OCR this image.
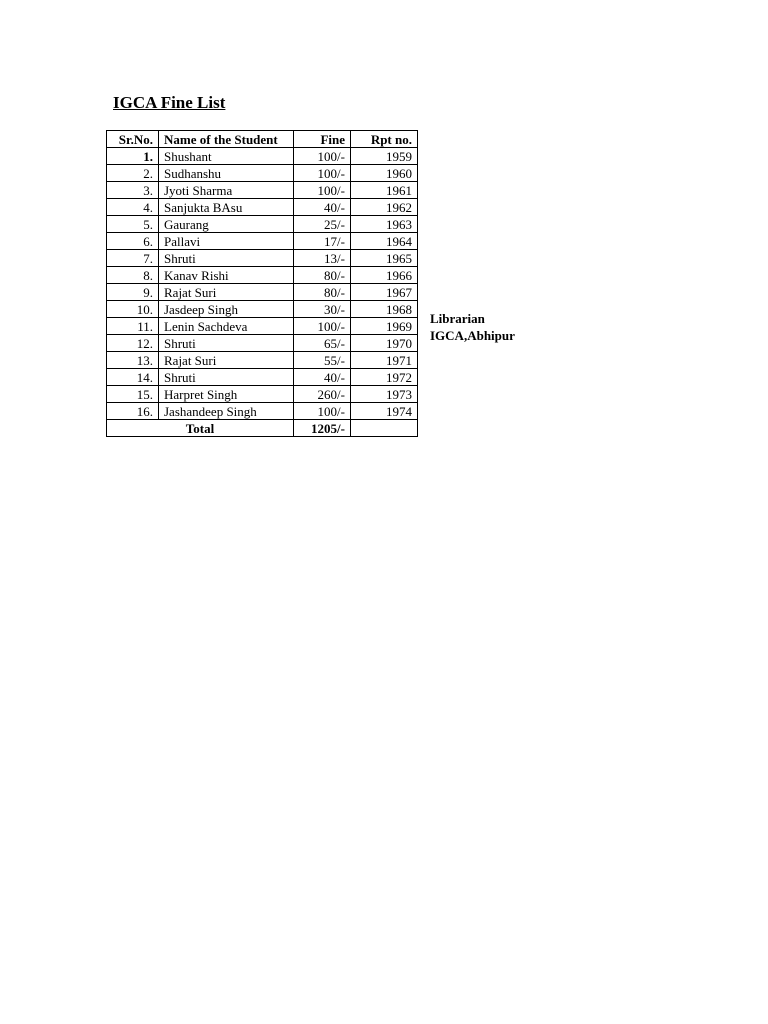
IGCA Fine List
Sr.No.	Name of the Student	Fine	Rpt no.
1.	Shushant	100/-	1959
2.	Sudhanshu	100/-	1960
3.	Jyoti Sharma	100/-	1961
4.	Sanjukta BAsu	40/-	1962
5.	Gaurang	25/-	1963
6.	Pallavi	17/-	1964
7.	Shruti	13/-	1965
8.	Kanav Rishi	80/-	1966
9.	Rajat Suri	80/-	1967
10.	Jasdeep Singh	30/-	1968
11.	Lenin Sachdeva	100/-	1969
12.	Shruti	65/-	1970
13.	Rajat Suri	55/-	1971
14.	Shruti	40/-	1972
15.	Harpret Singh	260/-	1973
16.	Jashandeep Singh	100/-	1974
Total		1205/-	
Librarian
IGCA,Abhipur
